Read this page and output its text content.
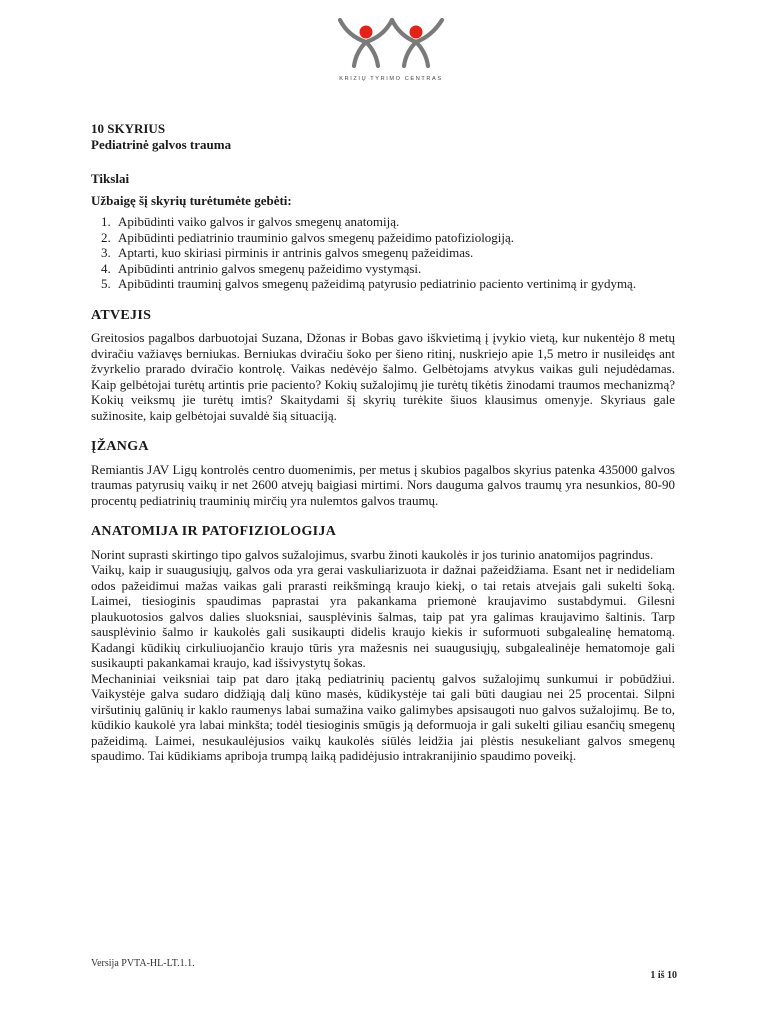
KRIZIŲ TYRIMO CENTRAS
10 SKYRIUS
Pediatrinė galvos trauma
Tikslai
Užbaigę šį skyrių turėtumėte gebėti:
1. Apibūdinti vaiko galvos ir galvos smegenų anatomiją.
2. Apibūdinti pediatrinio trauminio galvos smegenų pažeidimo patofiziologiją.
3. Aptarti, kuo skiriasi pirminis ir antrinis galvos smegenų pažeidimas.
4. Apibūdinti antrinio galvos smegenų pažeidimo vystymąsi.
5. Apibūdinti trauminį galvos smegenų pažeidimą patyrusio pediatrinio paciento vertinimą ir gydymą.
ATVEJIS

Greitosios pagalbos darbuotojai Suzana, Džonas ir Bobas gavo iškvietimą į įvykio vietą, kur nukentėjo 8 metų dviračiu važiavęs berniukas. Berniukas dviračiu šoko per šieno ritinį, nuskriejo apie 1,5 metro ir nusileidęs ant žvyrkelio prarado dviračio kontrolę. Vaikas nedėvėjo šalmo. Gelbėtojams atvykus vaikas guli nejudėdamas. Kaip gelbėtojai turėtų artintis prie paciento? Kokių sužalojimų jie turėtų tikėtis žinodami traumos mechanizmą? Kokių veiksmų jie turėtų imtis? Skaitydami šį skyrių turėkite šiuos klausimus omenyje. Skyriaus gale sužinosite, kaip gelbėtojai suvaldė šią situaciją.

ĮŽANGA

Remiantis JAV Ligų kontrolės centro duomenimis, per metus į skubios pagalbos skyrius patenka 435000 galvos traumas patyrusių vaikų ir net 2600 atvejų baigiasi mirtimi. Nors dauguma galvos traumų yra nesunkios, 80-90 procentų pediatrinių trauminių mirčių yra nulemtos galvos traumų.

ANATOMIJA IR PATOFIZIOLOGIJA

Norint suprasti skirtingo tipo galvos sužalojimus, svarbu žinoti kaukolės ir jos turinio anatomijos pagrindus.

Vaikų, kaip ir suaugusiųjų, galvos oda yra gerai vaskuliarizuota ir dažnai pažeidžiama. Esant net ir nedideliam odos pažeidimui mažas vaikas gali prarasti reikšmingą kraujo kiekį, o tai retais atvejais gali sukelti šoką. Laimei, tiesioginis spaudimas paprastai yra pakankama priemonė kraujavimo sustabdymui. Gilesni plaukuotosios galvos dalies sluoksniai, sausplėvinis šalmas, taip pat yra galimas kraujavimo šaltinis. Tarp sausplėvinio šalmo ir kaukolės gali susikaupti didelis kraujo kiekis ir suformuoti subgalealinę hematomą. Kadangi kūdikių cirkuliuojančio kraujo tūris yra mažesnis nei suaugusiųjų, subgalealinėje hematomoje gali susikaupti pakankamai kraujo, kad išsivystytų šokas.

Mechaniniai veiksniai taip pat daro įtaką pediatrinių pacientų galvos sužalojimų sunkumui ir pobūdžiui. Vaikystėje galva sudaro didžiąją dalį kūno masės, kūdikystėje tai gali būti daugiau nei 25 procentai. Silpni viršutinių galūnių ir kaklo raumenys labai sumažina vaiko galimybes apsisaugoti nuo galvos sužalojimų. Be to, kūdikio kaukolė yra labai minkšta; todėl tiesioginis smūgis ją deformuoja ir gali sukelti giliau esančių smegenų pažeidimą. Laimei, nesukaulėjusios vaikų kaukolės siūlės leidžia jai plėstis nesukeliant galvos smegenų spaudimo. Tai kūdikiams apriboja trumpą laiką padidėjusio intrakranijinio spaudimo poveikį.

Versija PVTA-HL-LT.1.1.
1 iš 10
